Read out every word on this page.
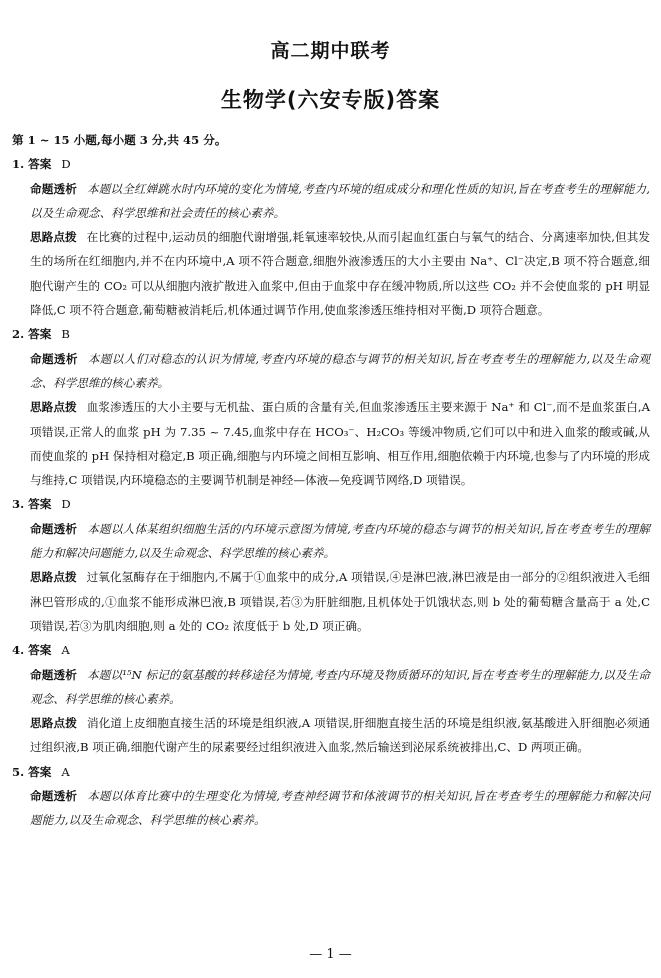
高二期中联考
生物学(六安专版)答案

第 1 ~ 15 小题,每小题 3 分,共 45 分。

1. 答案 D

命题透析 本题以全红婵跳水时内环境的变化为情境,考查内环境的组成成分和理化性质的知识,旨在考查考生的理解能力,以及生命观念、科学思维和社会责任的核心素养。

思路点拨 在比赛的过程中,运动员的细胞代谢增强,耗氧速率较快,从而引起血红蛋白与氧气的结合、分离速率加快,但其发生的场所在红细胞内,并不在内环境中,A 项不符合题意,细胞外液渗透压的大小主要由 Na⁺、Cl⁻决定,B 项不符合题意,细胞代谢产生的 CO₂ 可以从细胞内液扩散进入血浆中,但由于血浆中存在缓冲物质,所以这些 CO₂ 并不会使血浆的 pH 明显降低,C 项不符合题意,葡萄糖被消耗后,机体通过调节作用,使血浆渗透压维持相对平衡,D 项符合题意。

2. 答案 B

命题透析 本题以人们对稳态的认识为情境,考查内环境的稳态与调节的相关知识,旨在考查考生的理解能力,以及生命观念、科学思维的核心素养。

思路点拨 血浆渗透压的大小主要与无机盐、蛋白质的含量有关,但血浆渗透压主要来源于 Na⁺ 和 Cl⁻,而不是血浆蛋白,A 项错误,正常人的血浆 pH 为 7.35 ~ 7.45,血浆中存在 HCO₃⁻、H₂CO₃ 等缓冲物质,它们可以中和进入血浆的酸或碱,从而使血浆的 pH 保持相对稳定,B 项正确,细胞与内环境之间相互影响、相互作用,细胞依赖于内环境,也参与了内环境的形成与维持,C 项错误,内环境稳态的主要调节机制是神经—体液—免疫调节网络,D 项错误。

3. 答案 D

命题透析 本题以人体某组织细胞生活的内环境示意图为情境,考查内环境的稳态与调节的相关知识,旨在考查考生的理解能力和解决问题能力,以及生命观念、科学思维的核心素养。

思路点拨 过氧化氢酶存在于细胞内,不属于①血浆中的成分,A 项错误,④是淋巴液,淋巴液是由一部分的②组织液进入毛细淋巴管形成的,①血浆不能形成淋巴液,B 项错误,若③为肝脏细胞,且机体处于饥饿状态,则 b 处的葡萄糖含量高于 a 处,C 项错误,若③为肌肉细胞,则 a 处的 CO₂ 浓度低于 b 处,D 项正确。

4. 答案 A

命题透析 本题以¹⁵N 标记的氨基酸的转移途径为情境,考查内环境及物质循环的知识,旨在考查考生的理解能力,以及生命观念、科学思维的核心素养。

思路点拨 消化道上皮细胞直接生活的环境是组织液,A 项错误,肝细胞直接生活的环境是组织液,氨基酸进入肝细胞必须通过组织液,B 项正确,细胞代谢产生的尿素要经过组织液进入血浆,然后输送到泌尿系统被排出,C、D 两项正确。

5. 答案 A

命题透析 本题以体育比赛中的生理变化为情境,考查神经调节和体液调节的相关知识,旨在考查考生的理解能力和解决问题能力,以及生命观念、科学思维的核心素养。

— 1 —
